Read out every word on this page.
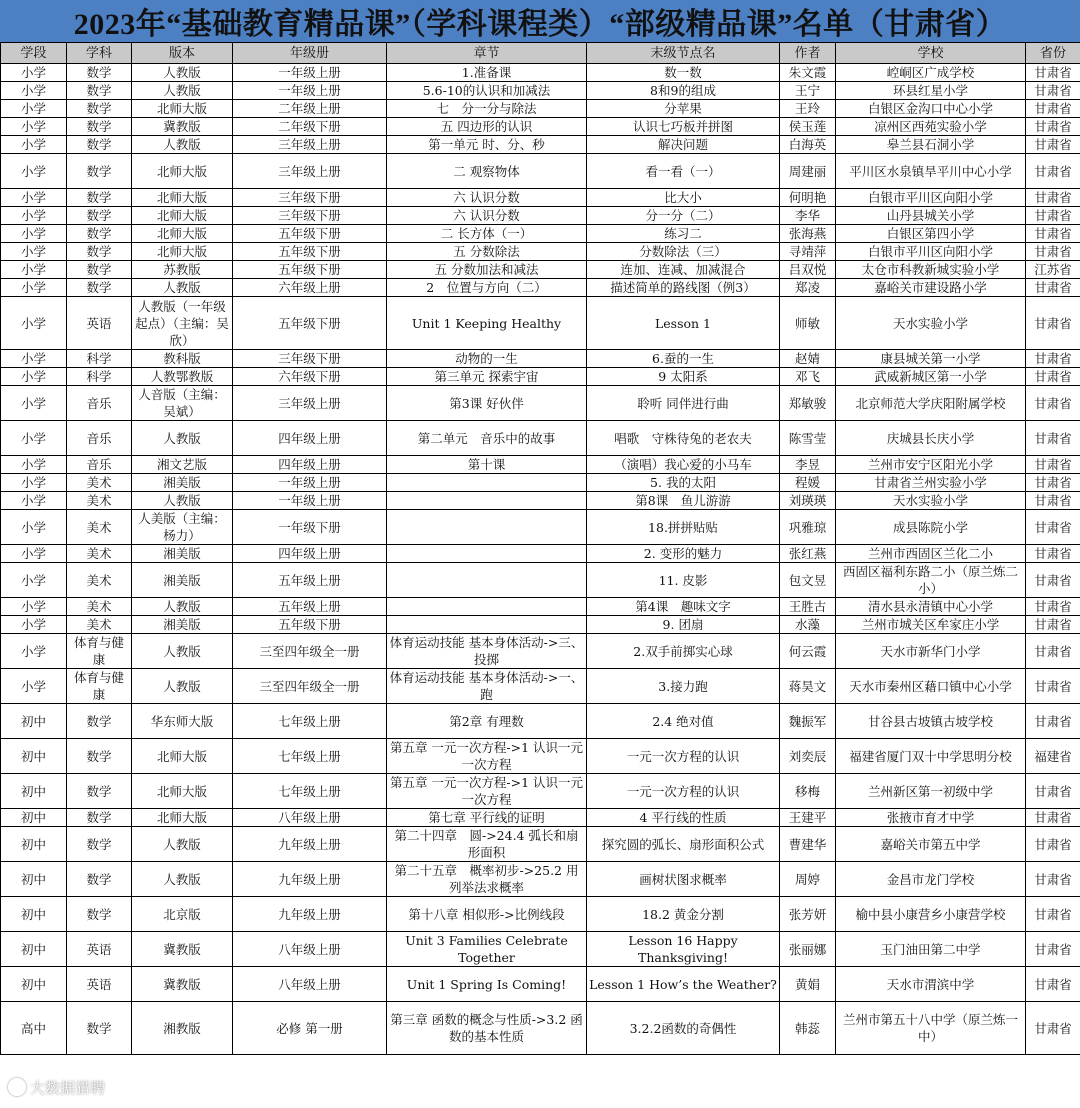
2023年“基础教育精品课”（学科课程类）“部级精品课”名单（甘肃省）
学段	学科	版本	年级册	章节	末级节点名	作者	学校	省份
小学	数学	人教版	一年级上册	1.准备课	数一数	朱文霞	崆峒区广成学校	甘肃省
小学	数学	人教版	一年级上册	5.6-10的认识和加减法	8和9的组成	王宁	环县红星小学	甘肃省
小学	数学	北师大版	二年级上册	七　分一分与除法	分苹果	王玲	白银区金沟口中心小学	甘肃省
小学	数学	冀教版	二年级下册	五 四边形的认识	认识七巧板并拼图	侯玉莲	凉州区西苑实验小学	甘肃省
小学	数学	人教版	三年级上册	第一单元 时、分、秒	解决问题	白海英	皋兰县石洞小学	甘肃省
小学	数学	北师大版	三年级上册	二 观察物体	看一看（一）	周建丽	平川区水泉镇旱平川中心小学	甘肃省
小学	数学	北师大版	三年级下册	六 认识分数	比大小	何明艳	白银市平川区向阳小学	甘肃省
小学	数学	北师大版	三年级下册	六 认识分数	分一分（二）	李华	山丹县城关小学	甘肃省
小学	数学	北师大版	五年级下册	二 长方体（一）	练习二	张海燕	白银区第四小学	甘肃省
小学	数学	北师大版	五年级下册	五 分数除法	分数除法（三）	寻靖萍	白银市平川区向阳小学	甘肃省
小学	数学	苏教版	五年级下册	五 分数加法和减法	连加、连减、加减混合	吕双悦	太仓市科教新城实验小学	江苏省
小学	数学	人教版	六年级上册	2　位置与方向（二）	描述简单的路线图（例3）	郑凌	嘉峪关市建设路小学	甘肃省
小学	英语	人教版（一年级起点）（主编：吴欣）	五年级下册	Unit 1 Keeping Healthy	Lesson 1	师敏	天水实验小学	甘肃省
小学	科学	教科版	三年级下册	动物的一生	6.蚕的一生	赵婧	康县城关第一小学	甘肃省
小学	科学	人教鄂教版	六年级下册	第三单元 探索宇宙	9 太阳系	邓飞	武威新城区第一小学	甘肃省
小学	音乐	人音版（主编：吴斌）	三年级上册	第3课 好伙伴	聆听 同伴进行曲	郑敏骏	北京师范大学庆阳附属学校	甘肃省
小学	音乐	人教版	四年级上册	第二单元　音乐中的故事	唱歌　守株待兔的老农夫	陈雪莹	庆城县长庆小学	甘肃省
小学	音乐	湘文艺版	四年级上册	第十课	（演唱）我心爱的小马车	李昱	兰州市安宁区阳光小学	甘肃省
小学	美术	湘美版	一年级上册		5. 我的太阳	程媛	甘肃省兰州实验小学	甘肃省
小学	美术	人教版	一年级上册		第8课　鱼儿游游	刘瑛瑛	天水实验小学	甘肃省
小学	美术	人美版（主编：杨力）	一年级下册		18.拼拼贴贴	巩雅琼	成县陈院小学	甘肃省
小学	美术	湘美版	四年级上册		2. 变形的魅力	张红燕	兰州市西固区兰化二小	甘肃省
小学	美术	湘美版	五年级上册		11. 皮影	包文昱	西固区福利东路二小（原兰炼二小）	甘肃省
小学	美术	人教版	五年级上册		第4课　趣味文字	王胜古	清水县永清镇中心小学	甘肃省
小学	美术	湘美版	五年级下册		9. 团扇	水藻	兰州市城关区牟家庄小学	甘肃省
小学	体育与健康	人教版	三至四年级全一册	体育运动技能 基本身体活动->三、投掷	2.双手前掷实心球	何云霞	天水市新华门小学	甘肃省
小学	体育与健康	人教版	三至四年级全一册	体育运动技能 基本身体活动->一、跑	3.接力跑	蒋昊文	天水市秦州区藉口镇中心小学	甘肃省
初中	数学	华东师大版	七年级上册	第2章 有理数	2.4 绝对值	魏振军	甘谷县古坡镇古坡学校	甘肃省
初中	数学	北师大版	七年级上册	第五章 一元一次方程->1 认识一元一次方程	一元一次方程的认识	刘奕辰	福建省厦门双十中学思明分校	福建省
初中	数学	北师大版	七年级上册	第五章 一元一次方程->1 认识一元一次方程	一元一次方程的认识	移梅	兰州新区第一初级中学	甘肃省
初中	数学	北师大版	八年级上册	第七章 平行线的证明	4 平行线的性质	王建平	张掖市育才中学	甘肃省
初中	数学	人教版	九年级上册	第二十四章　圆->24.4 弧长和扇形面积	探究圆的弧长、扇形面积公式	曹建华	嘉峪关市第五中学	甘肃省
初中	数学	人教版	九年级上册	第二十五章　概率初步->25.2 用列举法求概率	画树状图求概率	周婷	金昌市龙门学校	甘肃省
初中	数学	北京版	九年级上册	第十八章 相似形->比例线段	18.2 黄金分割	张芳妍	榆中县小康营乡小康营学校	甘肃省
初中	英语	冀教版	八年级上册	Unit 3 Families Celebrate Together	Lesson 16 Happy Thanksgiving!	张丽娜	玉门油田第二中学	甘肃省
初中	英语	冀教版	八年级上册	Unit 1 Spring Is Coming!	Lesson 1 How’s the Weather?	黄娟	天水市渭滨中学	甘肃省
高中	数学	湘教版	必修 第一册	第三章 函数的概念与性质->3.2 函数的基本性质	3.2.2函数的奇偶性	韩蕊	兰州市第五十八中学（原兰炼一中）	甘肃省
大数据猎聘
